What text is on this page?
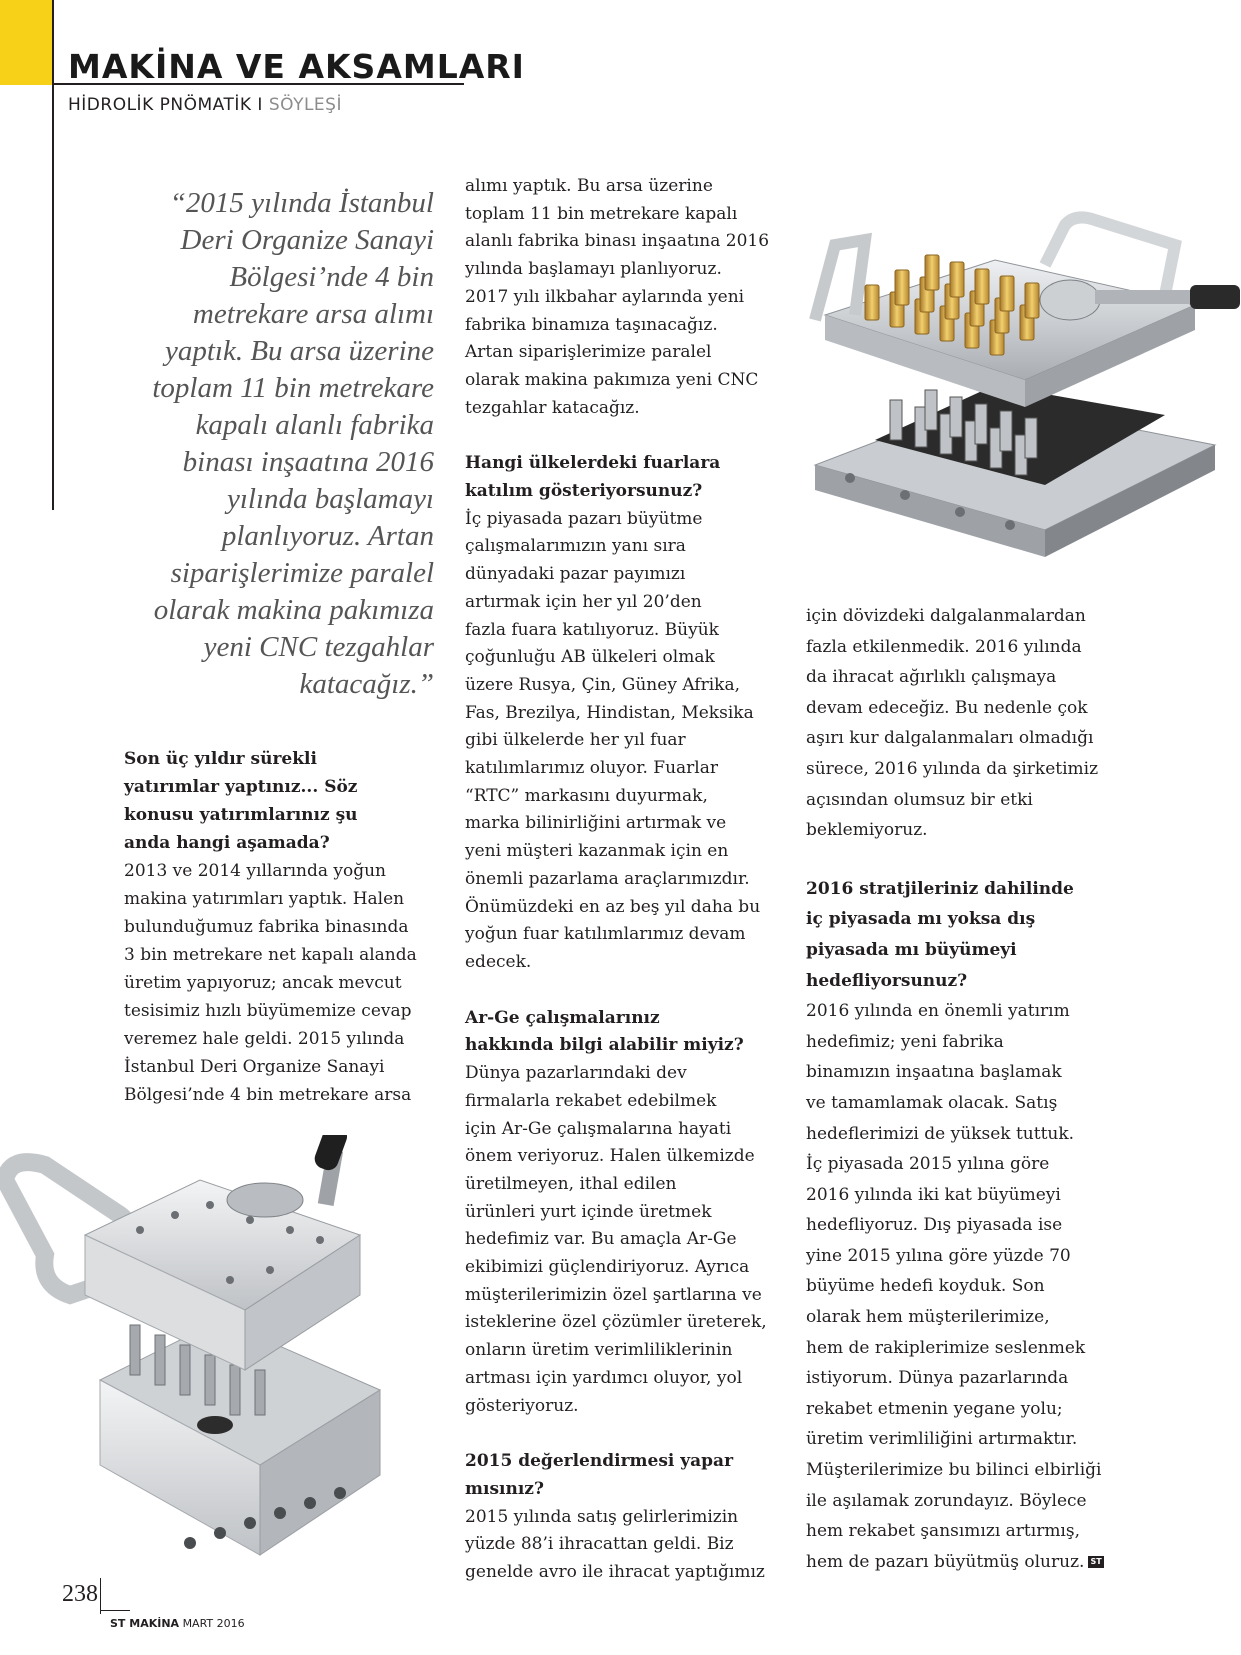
MAKİNA VE AKSAMLARI
HİDROLİK PNÖMATİK I SÖYLEŞİ
“2015 yılında İstanbul
Deri Organize Sanayi
Bölgesi’nde 4 bin
metrekare arsa alımı
yaptık. Bu arsa üzerine
toplam 11 bin metrekare
kapalı alanlı fabrika
binası inşaatına 2016
yılında başlamayı
planlıyoruz. Artan
siparişlerimize paralel
olarak makina pakımıza
yeni CNC tezgahlar
katacağız.”
Son üç yıldır sürekli
yatırımlar yaptınız... Söz
konusu yatırımlarınız şu
anda hangi aşamada?
2013 ve 2014 yıllarında yoğun
makina yatırımları yaptık. Halen
bulunduğumuz fabrika binasında
3 bin metrekare net kapalı alanda
üretim yapıyoruz; ancak mevcut
tesisimiz hızlı büyümemize cevap
veremez hale geldi. 2015 yılında
İstanbul Deri Organize Sanayi
Bölgesi’nde 4 bin metrekare arsa
alımı yaptık. Bu arsa üzerine
toplam 11 bin metrekare kapalı
alanlı fabrika binası inşaatına 2016
yılında başlamayı planlıyoruz.
2017 yılı ilkbahar aylarında yeni
fabrika binamıza taşınacağız.
Artan siparişlerimize paralel
olarak makina pakımıza yeni CNC
tezgahlar katacağız.
Hangi ülkelerdeki fuarlara
katılım gösteriyorsunuz?
İç piyasada pazarı büyütme
çalışmalarımızın yanı sıra
dünyadaki pazar payımızı
artırmak için her yıl 20’den
fazla fuara katılıyoruz. Büyük
çoğunluğu AB ülkeleri olmak
üzere Rusya, Çin, Güney Afrika,
Fas, Brezilya, Hindistan, Meksika
gibi ülkelerde her yıl fuar
katılımlarımız oluyor. Fuarlar
“RTC” markasını duyurmak,
marka bilinirliğini artırmak ve
yeni müşteri kazanmak için en
önemli pazarlama araçlarımızdır.
Önümüzdeki en az beş yıl daha bu
yoğun fuar katılımlarımız devam
edecek.
Ar-Ge çalışmalarınız
hakkında bilgi alabilir miyiz?
Dünya pazarlarındaki dev
firmalarla rekabet edebilmek
için Ar-Ge çalışmalarına hayati
önem veriyoruz. Halen ülkemizde
üretilmeyen, ithal edilen
ürünleri yurt içinde üretmek
hedefimiz var. Bu amaçla Ar-Ge
ekibimizi güçlendiriyoruz. Ayrıca
müşterilerimizin özel şartlarına ve
isteklerine özel çözümler üreterek,
onların üretim verimliliklerinin
artması için yardımcı oluyor, yol
gösteriyoruz.
2015 değerlendirmesi yapar
mısınız?
2015 yılında satış gelirlerimizin
yüzde 88’i ihracattan geldi. Biz
genelde avro ile ihracat yaptığımız
için dövizdeki dalgalanmalardan
fazla etkilenmedik. 2016 yılında
da ihracat ağırlıklı çalışmaya
devam edeceğiz. Bu nedenle çok
aşırı kur dalgalanmaları olmadığı
sürece, 2016 yılında da şirketimiz
açısından olumsuz bir etki
beklemiyoruz.
2016 stratjileriniz dahilinde
iç piyasada mı yoksa dış
piyasada mı büyümeyi
hedefliyorsunuz?
2016 yılında en önemli yatırım
hedefimiz; yeni fabrika
binamızın inşaatına başlamak
ve tamamlamak olacak. Satış
hedeflerimizi de yüksek tuttuk.
İç piyasada 2015 yılına göre
2016 yılında iki kat büyümeyi
hedefliyoruz. Dış piyasada ise
yine 2015 yılına göre yüzde 70
büyüme hedefi koyduk. Son
olarak hem müşterilerimize,
hem de rakiplerimize seslenmek
istiyorum. Dünya pazarlarında
rekabet etmenin yegane yolu;
üretim verimliliğini artırmaktır.
Müşterilerimize bu bilinci elbirliği
ile aşılamak zorundayız. Böylece
hem rekabet şansımızı artırmış,
hem de pazarı büyütmüş oluruz. ST
238
ST MAKİNA MART 2016
